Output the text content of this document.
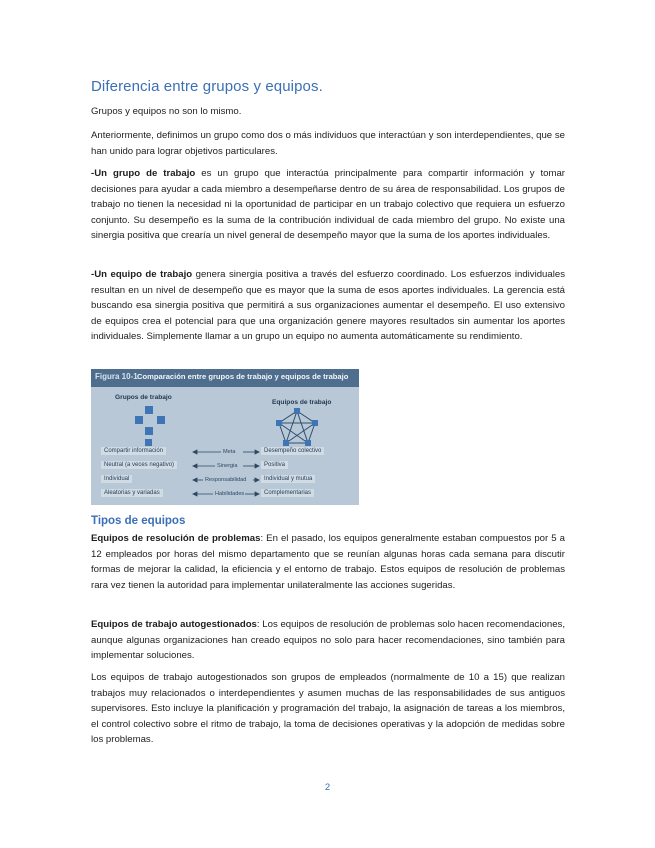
Diferencia entre grupos y equipos.

Grupos y equipos no son lo mismo.

Anteriormente, definimos un grupo como dos o más individuos que interactúan y son interdependientes, que se han unido para lograr objetivos particulares.

-Un grupo de trabajo es un grupo que interactúa principalmente para compartir información y tomar decisiones para ayudar a cada miembro a desempeñarse dentro de su área de responsabilidad. Los grupos de trabajo no tienen la necesidad ni la oportunidad de participar en un trabajo colectivo que requiera un esfuerzo conjunto. Su desempeño es la suma de la contribución individual de cada miembro del grupo. No existe una sinergia positiva que crearía un nivel general de desempeño mayor que la suma de los aportes individuales.

-Un equipo de trabajo genera sinergia positiva a través del esfuerzo coordinado. Los esfuerzos individuales resultan en un nivel de desempeño que es mayor que la suma de esos aportes individuales. La gerencia está buscando esa sinergia positiva que permitirá a sus organizaciones aumentar el desempeño. El uso extensivo de equipos crea el potencial para que una organización genere mayores resultados sin aumentar los aportes individuales. Simplemente llamar a un grupo un equipo no aumenta automáticamente su rendimiento.

Figura 10-1 Comparación entre grupos de trabajo y equipos de trabajo
Grupos de trabajo
Equipos de trabajo
Compartir información	Meta	Desempeño colectivo
Neutral (a veces negativo)	Sinergia	Positiva
Individual	Responsabilidad	Individual y mutua
Aleatorias y variadas	Habilidades	Complementarias
Tipos de equipos

Equipos de resolución de problemas: En el pasado, los equipos generalmente estaban compuestos por 5 a 12 empleados por horas del mismo departamento que se reunían algunas horas cada semana para discutir formas de mejorar la calidad, la eficiencia y el entorno de trabajo. Estos equipos de resolución de problemas rara vez tienen la autoridad para implementar unilateralmente las acciones sugeridas.

Equipos de trabajo autogestionados: Los equipos de resolución de problemas solo hacen recomendaciones, aunque algunas organizaciones han creado equipos no solo para hacer recomendaciones, sino también para implementar soluciones.

Los equipos de trabajo autogestionados son grupos de empleados (normalmente de 10 a 15) que realizan trabajos muy relacionados o interdependientes y asumen muchas de las responsabilidades de sus antiguos supervisores. Esto incluye la planificación y programación del trabajo, la asignación de tareas a los miembros, el control colectivo sobre el ritmo de trabajo, la toma de decisiones operativas y la adopción de medidas sobre los problemas.

2
